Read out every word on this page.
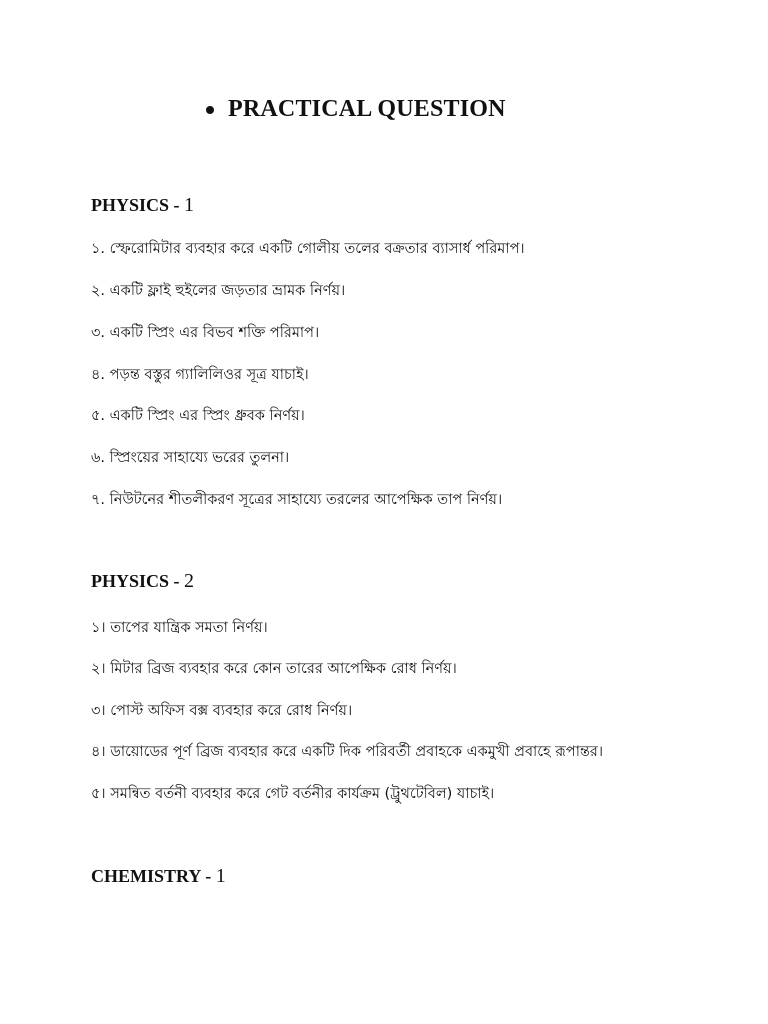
PRACTICAL QUESTION
PHYSICS - 1
১. স্ফেরোমিটার ব্যবহার করে একটি গোলীয় তলের বক্রতার ব্যাসার্ধ পরিমাপ।
২. একটি ফ্লাই হুইলের জড়তার ভ্রামক নির্ণয়।
৩. একটি স্প্রিং এর বিভব শক্তি পরিমাপ।
৪. পড়ন্ত বস্তুর গ্যালিলিওর সূত্র যাচাই।
৫. একটি স্প্রিং এর স্প্রিং ধ্রুবক নির্ণয়।
৬. স্প্রিংয়ের সাহায্যে ভরের তুলনা।
৭. নিউটনের শীতলীকরণ সূত্রের সাহায্যে তরলের আপেক্ষিক তাপ নির্ণয়।
PHYSICS - 2
১। তাপের যান্ত্রিক সমতা নির্ণয়।
২। মিটার ব্রিজ ব্যবহার করে কোন তারের আপেক্ষিক রোধ নির্ণয়।
৩। পোস্ট অফিস বক্স ব্যবহার করে রোধ নির্ণয়।
৪। ডায়োডের পূর্ণ ব্রিজ ব্যবহার করে একটি দিক পরিবর্তী প্রবাহকে একমুখী প্রবাহে রূপান্তর।
৫। সমন্বিত বর্তনী ব্যবহার করে গেট বর্তনীর কার্যক্রম (ট্রুথটেবিল) যাচাই।
CHEMISTRY - 1
